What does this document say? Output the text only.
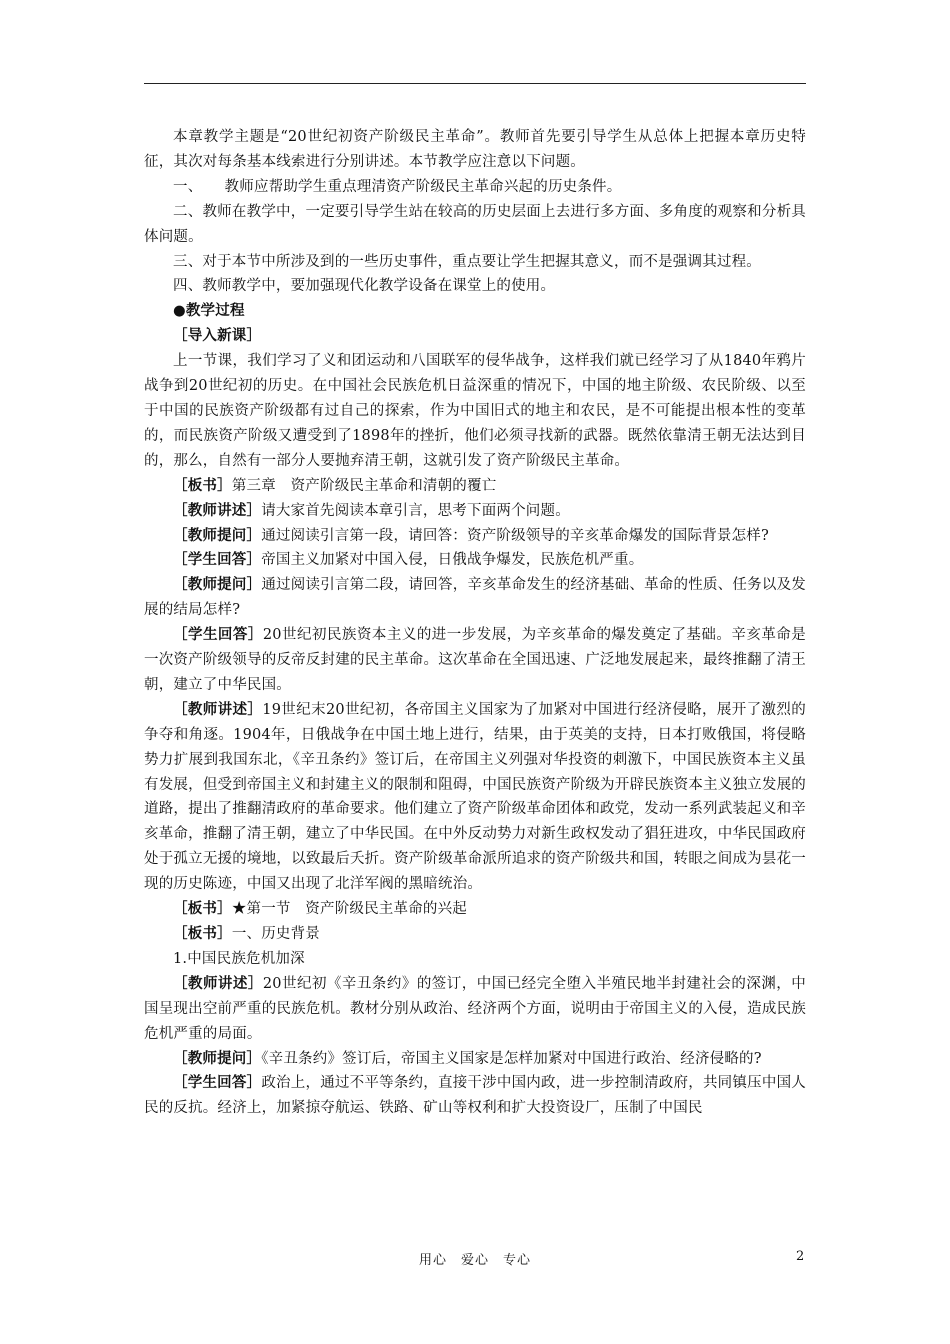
本章教学主题是“20世纪初资产阶级民主革命”。教师首先要引导学生从总体上把握本章历史特征，其次对每条基本线索进行分别讲述。本节教学应注意以下问题。

一、　　教师应帮助学生重点理清资产阶级民主革命兴起的历史条件。

二、教师在教学中，一定要引导学生站在较高的历史层面上去进行多方面、多角度的观察和分析具体问题。

三、对于本节中所涉及到的一些历史事件，重点要让学生把握其意义，而不是强调其过程。

四、教师教学中，要加强现代化教学设备在课堂上的使用。

●教学过程

［导入新课］

上一节课，我们学习了义和团运动和八国联军的侵华战争，这样我们就已经学习了从1840年鸦片战争到20世纪初的历史。在中国社会民族危机日益深重的情况下，中国的地主阶级、农民阶级、以至于中国的民族资产阶级都有过自己的探索，作为中国旧式的地主和农民，是不可能提出根本性的变革的，而民族资产阶级又遭受到了1898年的挫折，他们必须寻找新的武器。既然依靠清王朝无法达到目的，那么，自然有一部分人要抛弃清王朝，这就引发了资产阶级民主革命。

［板书］第三章　资产阶级民主革命和清朝的覆亡

［教师讲述］请大家首先阅读本章引言，思考下面两个问题。

［教师提问］通过阅读引言第一段，请回答：资产阶级领导的辛亥革命爆发的国际背景怎样?

［学生回答］帝国主义加紧对中国入侵，日俄战争爆发，民族危机严重。

［教师提问］通过阅读引言第二段，请回答，辛亥革命发生的经济基础、革命的性质、任务以及发展的结局怎样?

［学生回答］20世纪初民族资本主义的进一步发展，为辛亥革命的爆发奠定了基础。辛亥革命是一次资产阶级领导的反帝反封建的民主革命。这次革命在全国迅速、广泛地发展起来，最终推翻了清王朝，建立了中华民国。

［教师讲述］19世纪末20世纪初，各帝国主义国家为了加紧对中国进行经济侵略，展开了激烈的争夺和角逐。1904年，日俄战争在中国土地上进行，结果，由于英美的支持，日本打败俄国，将侵略势力扩展到我国东北，《辛丑条约》签订后，在帝国主义列强对华投资的刺激下，中国民族资本主义虽有发展，但受到帝国主义和封建主义的限制和阻碍，中国民族资产阶级为开辟民族资本主义独立发展的道路，提出了推翻清政府的革命要求。他们建立了资产阶级革命团体和政党，发动一系列武装起义和辛亥革命，推翻了清王朝，建立了中华民国。在中外反动势力对新生政权发动了猖狂进攻，中华民国政府处于孤立无援的境地，以致最后夭折。资产阶级革命派所追求的资产阶级共和国，转眼之间成为昙花一现的历史陈迹，中国又出现了北洋军阀的黑暗统治。

［板书］★第一节　资产阶级民主革命的兴起

［板书］一、历史背景

1.中国民族危机加深

［教师讲述］20世纪初《辛丑条约》的签订，中国已经完全堕入半殖民地半封建社会的深渊，中国呈现出空前严重的民族危机。教材分别从政治、经济两个方面，说明由于帝国主义的入侵，造成民族危机严重的局面。

［教师提问］《辛丑条约》签订后，帝国主义国家是怎样加紧对中国进行政治、经济侵略的?

［学生回答］政治上，通过不平等条约，直接干涉中国内政，进一步控制清政府，共同镇压中国人民的反抗。经济上，加紧掠夺航运、铁路、矿山等权利和扩大投资设厂，压制了中国民

用心　爱心　专心	2
